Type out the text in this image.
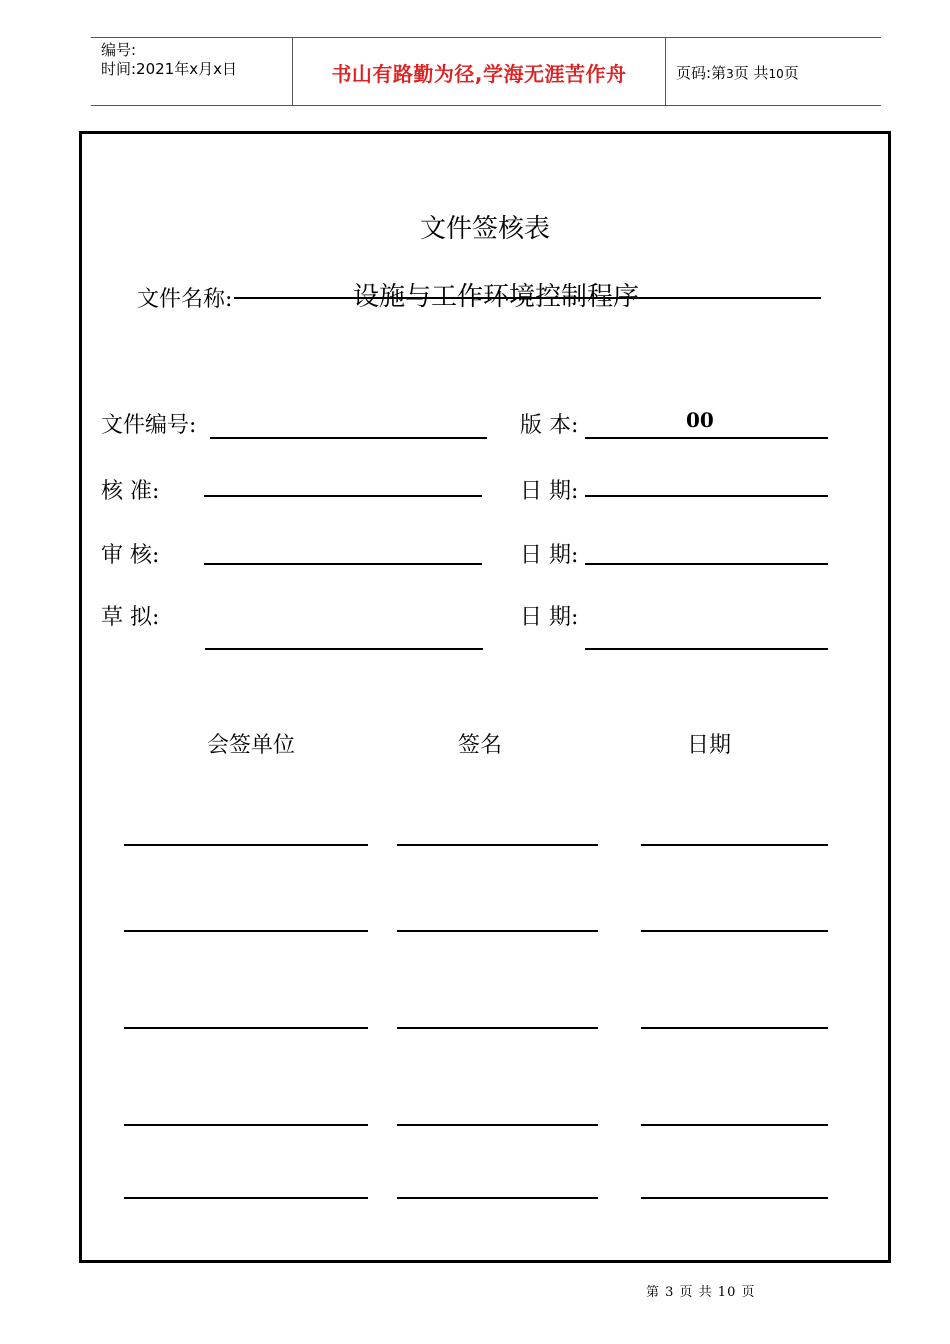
编号:
时间:2021年x月x日	书山有路勤为径,学海无涯苦作舟	页码:第3页 共10页
文件签核表
文件名称:	设施与工作环境控制程序
文件编号:	版 本:	00
核 准:	日 期:
审 核:	日 期:
草 拟:	日 期:
会签单位	签名	日期
第 3 页 共 10 页
